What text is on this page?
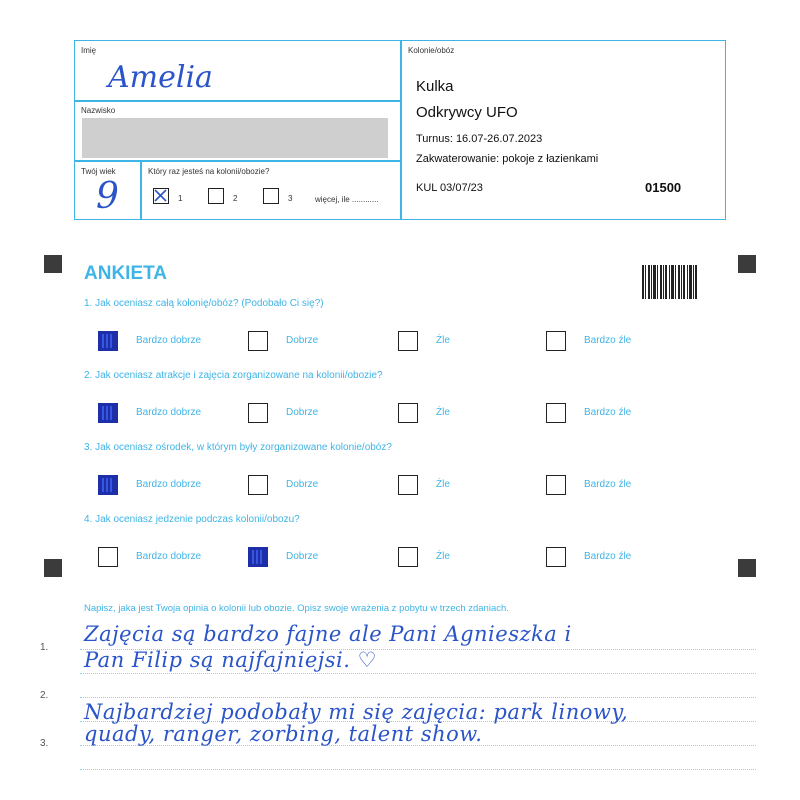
Imię
Amelia
Nazwisko
Twój wiek
9
Który raz jesteś na kolonii/obozie?
1	2	3	więcej, ile ............
Kolonie/obóz
Kulka
Odkrywcy UFO
Turnus: 16.07-26.07.2023
Zakwaterowanie: pokoje z łazienkami
KUL 03/07/23	01500
ANKIETA
1. Jak oceniasz całą kolonię/obóz? (Podobało Ci się?)
Bardzo dobrze	Dobrze	Źle	Bardzo źle
2. Jak oceniasz atrakcje i zajęcia zorganizowane na kolonii/obozie?
Bardzo dobrze	Dobrze	Źle	Bardzo źle
3. Jak oceniasz ośrodek, w którym były zorganizowane kolonie/obóz?
Bardzo dobrze	Dobrze	Źle	Bardzo źle
4. Jak oceniasz jedzenie podczas kolonii/obozu?
Bardzo dobrze	Dobrze	Źle	Bardzo źle
Napisz, jaka jest Twoja opinia o kolonii lub obozie. Opisz swoje wrażenia z pobytu w trzech zdaniach.
1.
2.
3.
Zajęcia są bardzo fajne ale Pani Agnieszka i
Pan Filip są najfajniejsi. ♡
Najbardziej podobały mi się zajęcia: park linowy,
quady, ranger, zorbing, talent show.
